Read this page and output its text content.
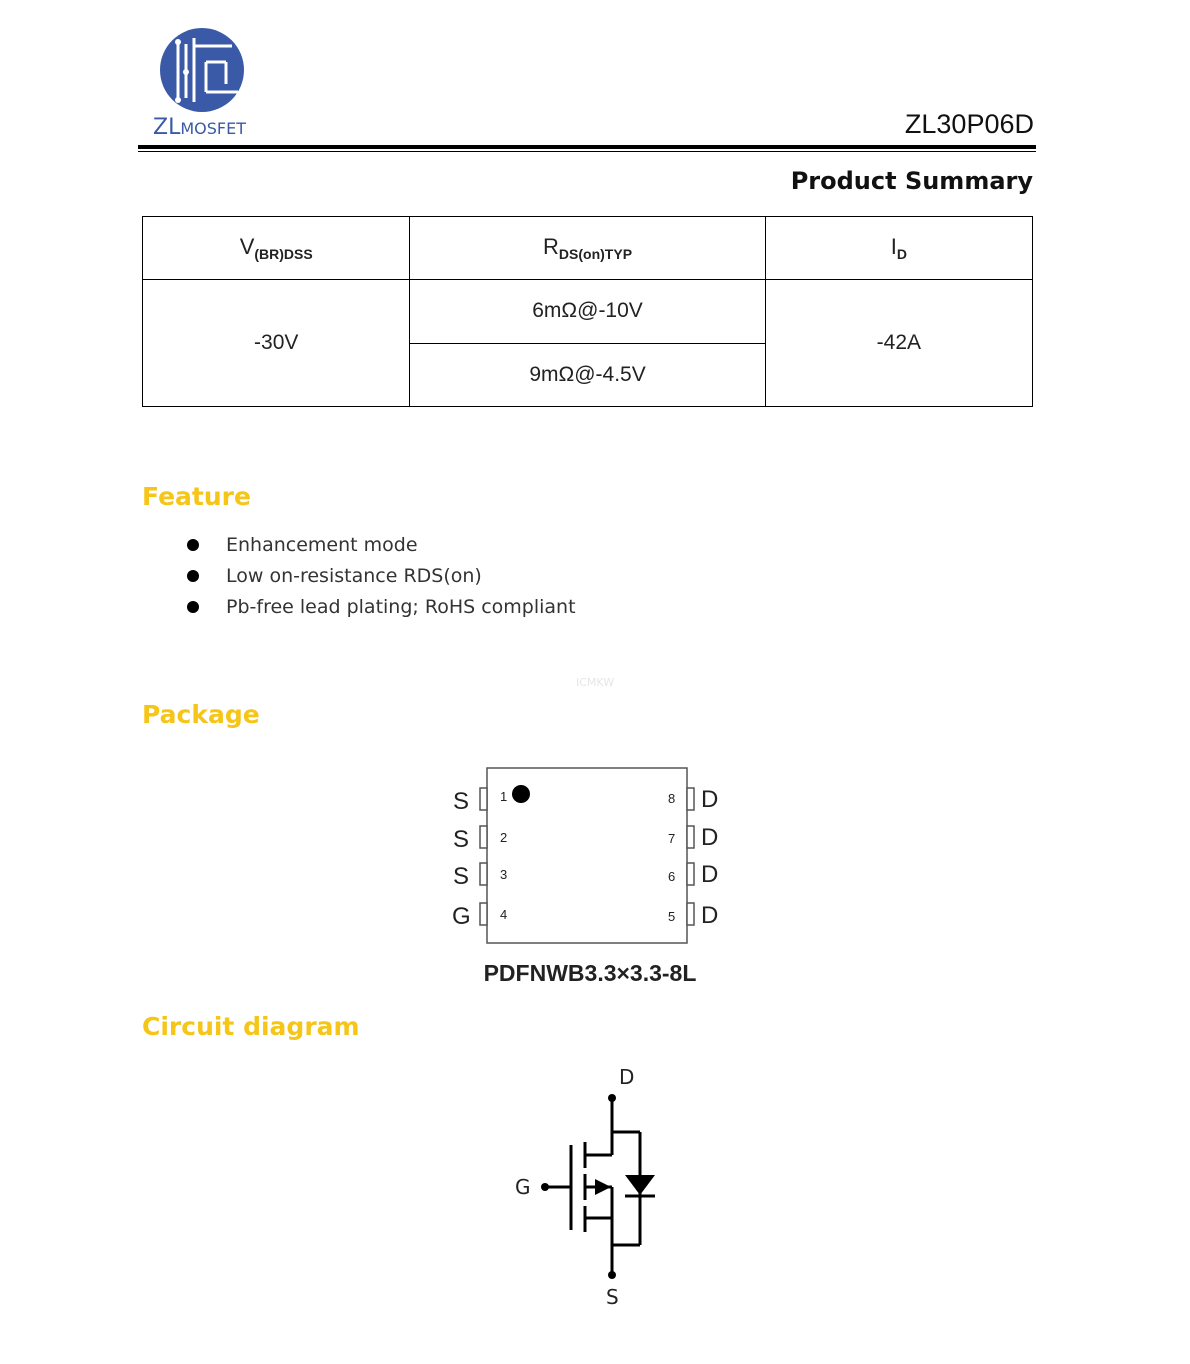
ZLMOSFET	ZL30P06D
Product Summary
$V_{(BR)DSS}$	$R_{DS(on)TYP}$	$I_D$
-30V	6mΩ@-10V	-42A
	9mΩ@-4.5V	
Feature
Enhancement mode
Low on-resistance RDS(on)
Pb-free lead plating; RoHS compliant
ICMKW
Package
S
S
S
G
D
D
D
D
1
2
3
4
8
7
6
5
PDFNWB3.3×3.3-8L
Circuit diagram
D
G
S
